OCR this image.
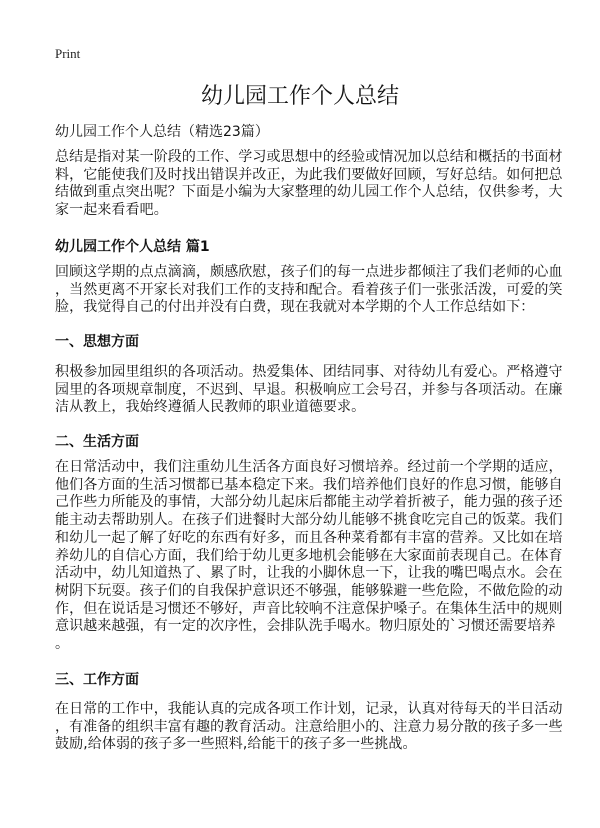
Print
幼儿园工作个人总结
幼儿园工作个人总结（精选23篇）
总结是指对某一阶段的工作、学习或思想中的经验或情况加以总结和概括的书面材
料，它能使我们及时找出错误并改正，为此我们要做好回顾，写好总结。如何把总
结做到重点突出呢？下面是小编为大家整理的幼儿园工作个人总结，仅供参考，大
家一起来看看吧。
幼儿园工作个人总结 篇1
回顾这学期的点点滴滴，颇感欣慰，孩子们的每一点进步都倾注了我们老师的心血
，当然更离不开家长对我们工作的支持和配合。看着孩子们一张张活泼，可爱的笑
脸，我觉得自己的付出并没有白费，现在我就对本学期的个人工作总结如下：
一、思想方面
积极参加园里组织的各项活动。热爱集体、团结同事、对待幼儿有爱心。严格遵守
园里的各项规章制度，不迟到、早退。积极响应工会号召，并参与各项活动。在廉
洁从教上，我始终遵循人民教师的职业道德要求。
二、生活方面
在日常活动中，我们注重幼儿生活各方面良好习惯培养。经过前一个学期的适应，
他们各方面的生活习惯都已基本稳定下来。我们培养他们良好的作息习惯，能够自
己作些力所能及的事情，大部分幼儿起床后都能主动学着折被子，能力强的孩子还
能主动去帮助别人。在孩子们进餐时大部分幼儿能够不挑食吃完自己的饭菜。我们
和幼儿一起了解了好吃的东西有好多，而且各种菜肴都有丰富的营养。又比如在培
养幼儿的自信心方面，我们给于幼儿更多地机会能够在大家面前表现自己。在体育
活动中，幼儿知道热了、累了时，让我的小脚休息一下，让我的嘴巴喝点水。会在
树阴下玩耍。孩子们的自我保护意识还不够强，能够躲避一些危险，不做危险的动
作，但在说话是习惯还不够好，声音比较响不注意保护嗓子。在集体生活中的规则
意识越来越强，有一定的次序性，会排队洗手喝水。物归原处的`习惯还需要培养
。
三、工作方面
在日常的工作中，我能认真的完成各项工作计划，记录，认真对待每天的半日活动
，有准备的组织丰富有趣的教育活动。注意给胆小的、注意力易分散的孩子多一些
鼓励,给体弱的孩子多一些照料,给能干的孩子多一些挑战。
